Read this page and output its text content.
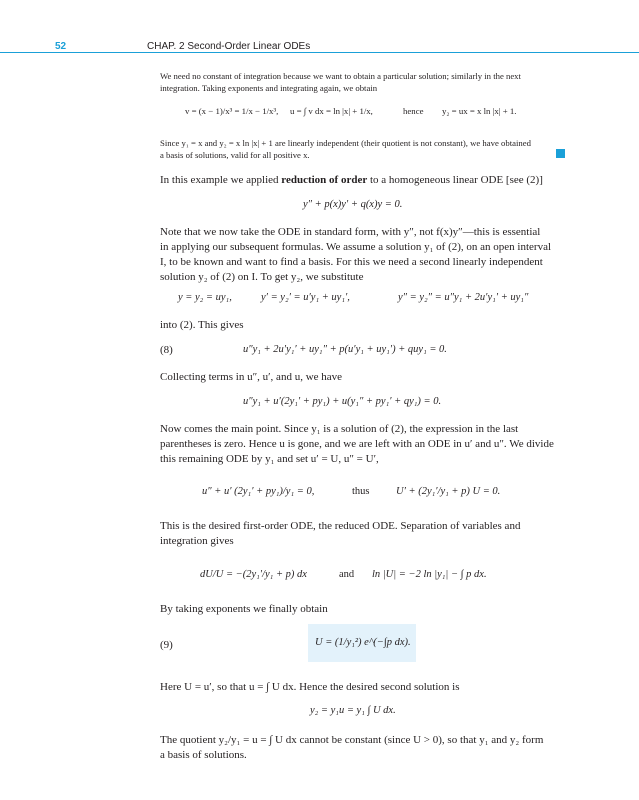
52	CHAP. 2 Second-Order Linear ODEs
We need no constant of integration because we want to obtain a particular solution; similarly in the next
integration. Taking exponents and integrating again, we obtain
v = (x − 1)/x³ = 1/x − 1/x³, u = ∫ v dx = ln |x| + 1/x,	hence y₂ = ux = x ln |x| + 1.
Since y₁ = x and y₂ = x ln |x| + 1 are linearly independent (their quotient is not constant), we have obtained
a basis of solutions, valid for all positive x.
In this example we applied reduction of order to a homogeneous linear ODE [see (2)]
y″ + p(x)y′ + q(x)y = 0.
Note that we now take the ODE in standard form, with y″, not f(x)y″—this is essential
in applying our subsequent formulas. We assume a solution y₁ of (2), on an open interval
I, to be known and want to find a basis. For this we need a second linearly independent
solution y₂ of (2) on I. To get y₂, we substitute
y = y₂ = uy₁,	y′ = y₂′ = u′y₁ + uy₁′,	y″ = y₂″ = u″y₁ + 2u′y₁′ + uy₁″
into (2). This gives
(8)	u″y₁ + 2u′y₁′ + uy₁″ + p(u′y₁ + uy₁′) + quy₁ = 0.
Collecting terms in u″, u′, and u, we have
u″y₁ + u′(2y₁′ + py₁) + u(y₁″ + py₁′ + qy₁) = 0.
Now comes the main point. Since y₁ is a solution of (2), the expression in the last
parentheses is zero. Hence u is gone, and we are left with an ODE in u′ and u″. We divide
this remaining ODE by y₁ and set u′ = U, u″ = U′,
u″ + u′ (2y₁′ + py₁)/y₁ = 0,	thus	U′ + (2y₁′/y₁ + p) U = 0.
This is the desired first-order ODE, the reduced ODE. Separation of variables and
integration gives
dU/U = −(2y₁′/y₁ + p) dx	and ln |U| = −2 ln |y₁| − ∫ p dx.
By taking exponents we finally obtain
(9)	U = (1/y₁²) e^(−∫p dx).
Here U = u′, so that u = ∫ U dx. Hence the desired second solution is
y₂ = y₁u = y₁ ∫ U dx.
The quotient y₂/y₁ = u = ∫ U dx cannot be constant (since U > 0), so that y₁ and y₂ form
a basis of solutions.
